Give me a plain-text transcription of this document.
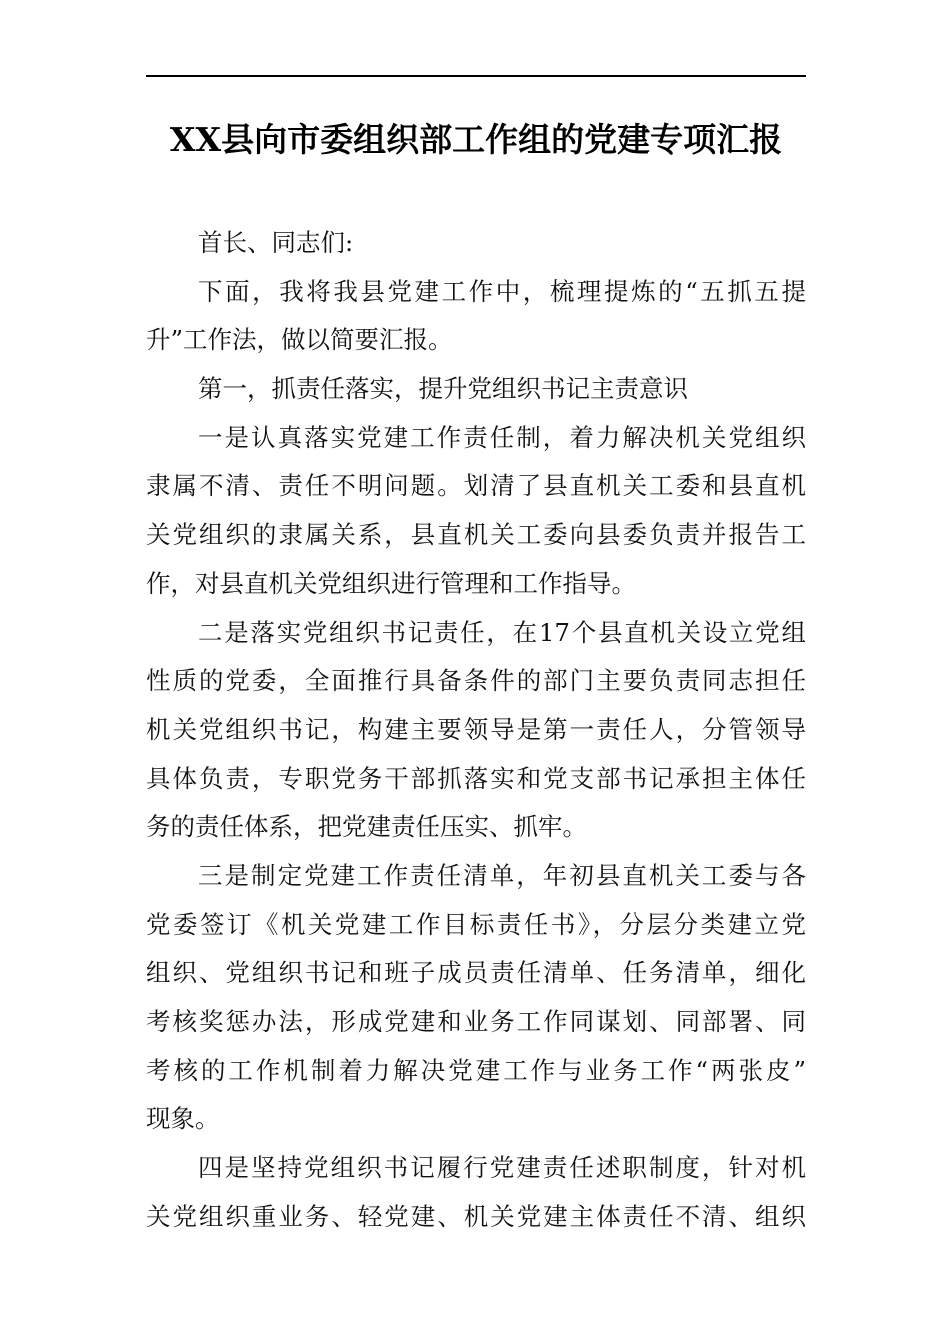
XX县向市委组织部工作组的党建专项汇报
首长、同志们:
下面，我将我县党建工作中，梳理提炼的“五抓五提
升”工作法，做以简要汇报。
第一，抓责任落实，提升党组织书记主责意识
一是认真落实党建工作责任制，着力解决机关党组织
隶属不清、责任不明问题。划清了县直机关工委和县直机
关党组织的隶属关系，县直机关工委向县委负责并报告工
作，对县直机关党组织进行管理和工作指导。
二是落实党组织书记责任，在17个县直机关设立党组
性质的党委，全面推行具备条件的部门主要负责同志担任
机关党组织书记，构建主要领导是第一责任人，分管领导
具体负责，专职党务干部抓落实和党支部书记承担主体任
务的责任体系，把党建责任压实、抓牢。
三是制定党建工作责任清单，年初县直机关工委与各
党委签订《机关党建工作目标责任书》，分层分类建立党
组织、党组织书记和班子成员责任清单、任务清单，细化
考核奖惩办法，形成党建和业务工作同谋划、同部署、同
考核的工作机制着力解决党建工作与业务工作“两张皮”
现象。
四是坚持党组织书记履行党建责任述职制度，针对机
关党组织重业务、轻党建、机关党建主体责任不清、组织
